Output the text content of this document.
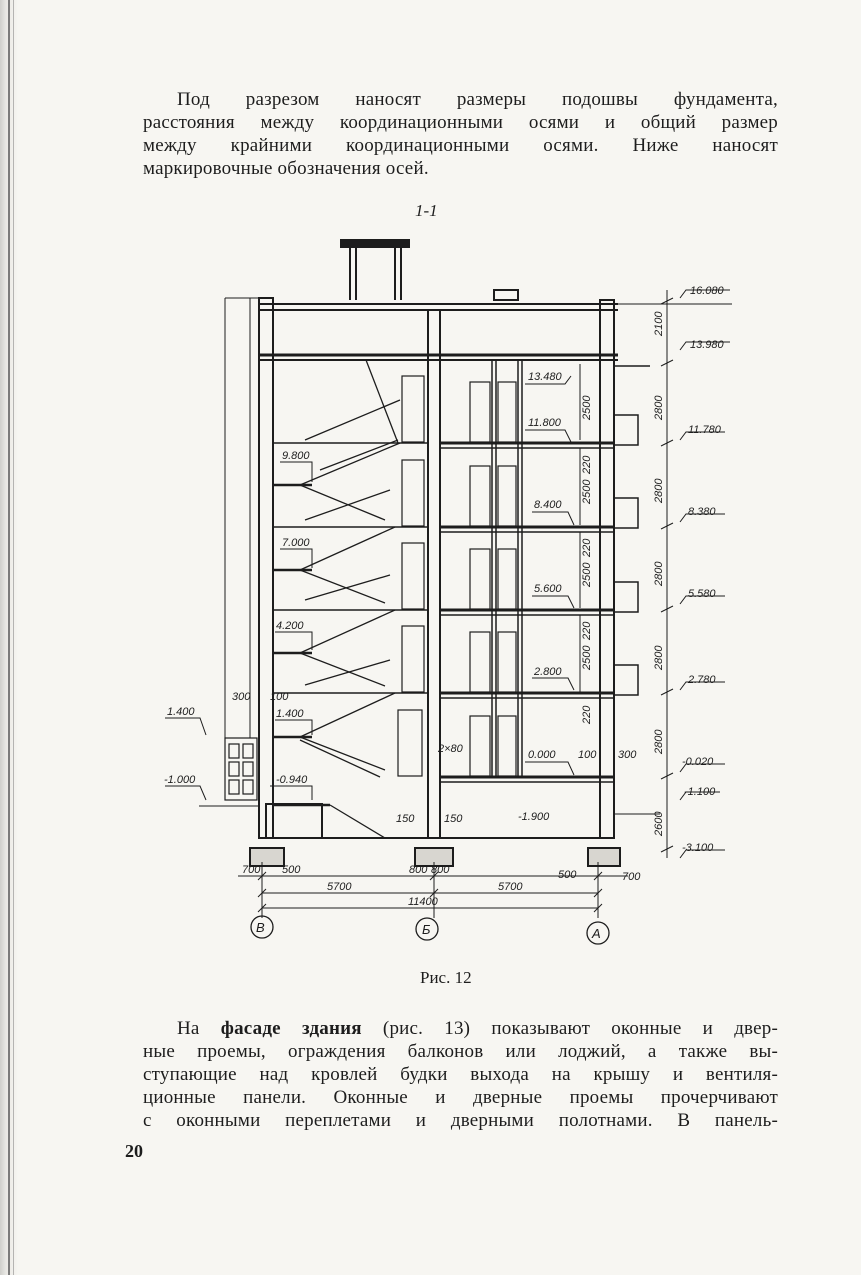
Под разрезом наносят размеры подошвы фундамента,
расстояния между координационными осями и общий размер
между крайними координационными осями. Ниже наносят
маркировочные обозначения осей.
1-1
16.080
13.980
11.780
8.380
5.580
2.780
-0.020
-1.100
-3.100
13.480
11.800
8.400
5.600
2.800
0.000
-1.900
1.400
-1.000
9.800
7.000
4.200
1.400
-0.940
2100
2800
2800
2800
2800
2800
2600
2500
2500
2500
2500
220
220
220
220
300 100
2×80	100 300
150	150
700 500	800 800	500	700
5700	5700
11400
В	Б	А
Рис. 12
На фасаде здания (рис. 13) показывают оконные и двер-
ные проемы, ограждения балконов или лоджий, а также вы-
ступающие над кровлей будки выхода на крышу и вентиля-
ционные панели. Оконные и дверные проемы прочерчивают
с оконными переплетами и дверными полотнами. В панель-
20
